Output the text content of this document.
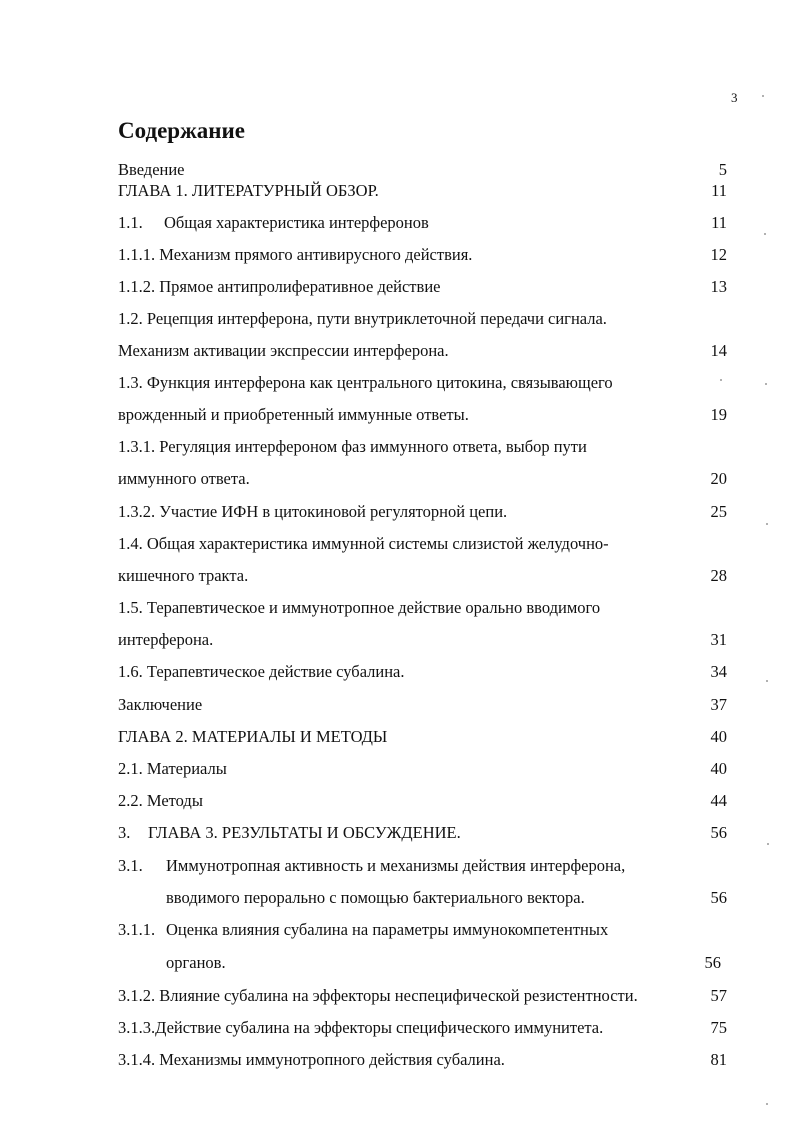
3
Содержание
Введение	5
ГЛАВА 1. ЛИТЕРАТУРНЫЙ ОБЗОР.	11
1.1. Общая характеристика интерферонов	11
1.1.1. Механизм прямого антивирусного действия.	12
1.1.2. Прямое антипролиферативное действие	13
1.2. Рецепция интерферона, пути внутриклеточной передачи сигнала.
Механизм активации экспрессии интерферона.	14
1.3. Функция интерферона как центрального цитокина, связывающего
врожденный и приобретенный иммунные ответы.	19
1.3.1. Регуляция интерфероном фаз иммунного ответа, выбор пути
иммунного ответа.	20
1.3.2. Участие ИФН в цитокиновой регуляторной цепи.	25
1.4. Общая характеристика иммунной системы слизистой желудочно-
кишечного тракта.	28
1.5. Терапевтическое и иммунотропное действие орально вводимого
интерферона.	31
1.6. Терапевтическое действие субалина.	34
Заключение	37
ГЛАВА 2. МАТЕРИАЛЫ И МЕТОДЫ	40
2.1. Материалы	40
2.2. Методы	44
3. ГЛАВА 3. РЕЗУЛЬТАТЫ И ОБСУЖДЕНИЕ.	56
3.1. Иммунотропная активность и механизмы действия интерферона,
вводимого перорально с помощью бактериального вектора.	56
3.1.1. Оценка влияния субалина на параметры иммунокомпетентных
органов.	56
3.1.2. Влияние субалина на эффекторы неспецифической резистентности.	57
3.1.3.Действие субалина на эффекторы специфического иммунитета.	75
3.1.4. Механизмы иммунотропного действия субалина.	81
